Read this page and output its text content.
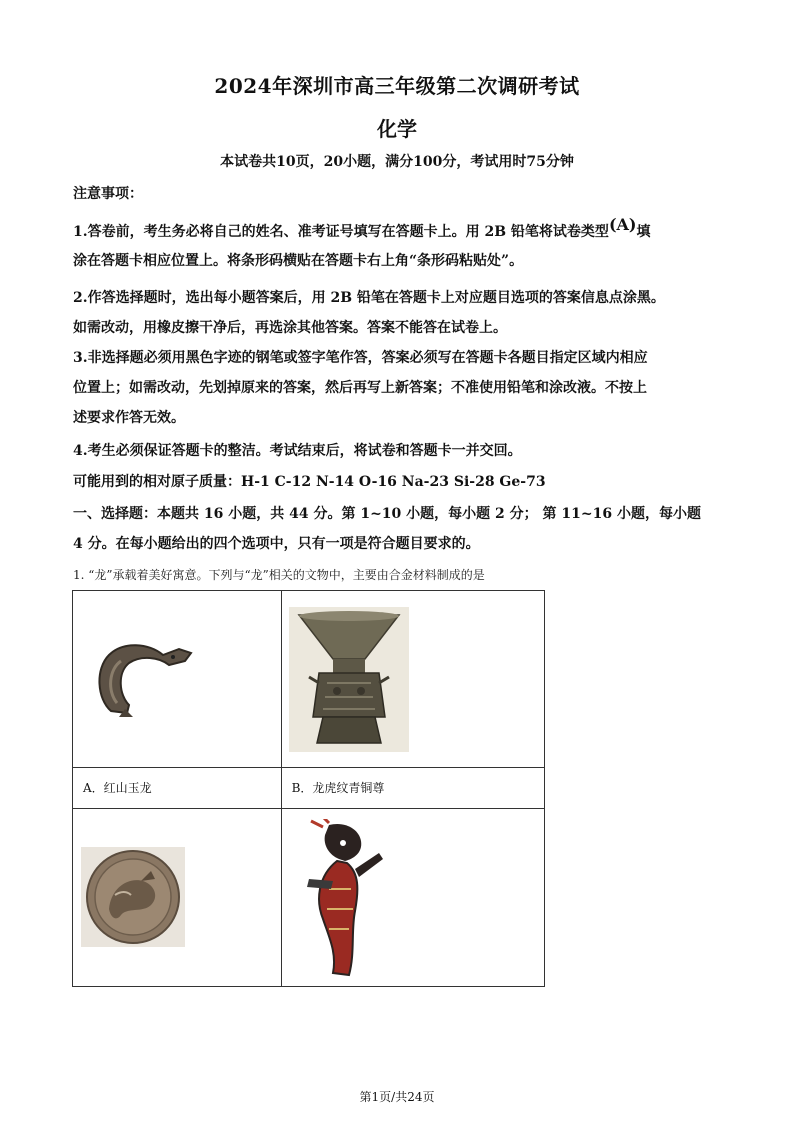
2024年深圳市高三年级第二次调研考试
化学
本试卷共10页，20小题，满分100分，考试用时75分钟
注意事项：
1.答卷前，考生务必将自己的姓名、准考证号填写在答题卡上。用 2B 铅笔将试卷类型(A)填
涂在答题卡相应位置上。将条形码横贴在答题卡右上角“条形码粘贴处”。
2.作答选择题时，选出每小题答案后，用 2B 铅笔在答题卡上对应题目选项的答案信息点涂黑。
如需改动，用橡皮擦干净后，再选涂其他答案。答案不能答在试卷上。
3.非选择题必须用黑色字迹的钢笔或签字笔作答，答案必须写在答题卡各题目指定区域内相应
位置上；如需改动，先划掉原来的答案，然后再写上新答案；不准使用铅笔和涂改液。不按上
述要求作答无效。
4.考生必须保证答题卡的整洁。考试结束后，将试卷和答题卡一并交回。
可能用到的相对原子质量：H-1 C-12 N-14 O-16 Na-23 Si-28 Ge-73
一、选择题：本题共 16 小题，共 44 分。第 1~10 小题，每小题 2 分； 第 11~16 小题，每小题
4 分。在每小题给出的四个选项中，只有一项是符合题目要求的。
1. “龙”承载着美好寓意。下列与“龙”相关的文物中，主要由合金材料制成的是

A．红山玉龙	B．龙虎纹青铜尊

第1页/共24页
